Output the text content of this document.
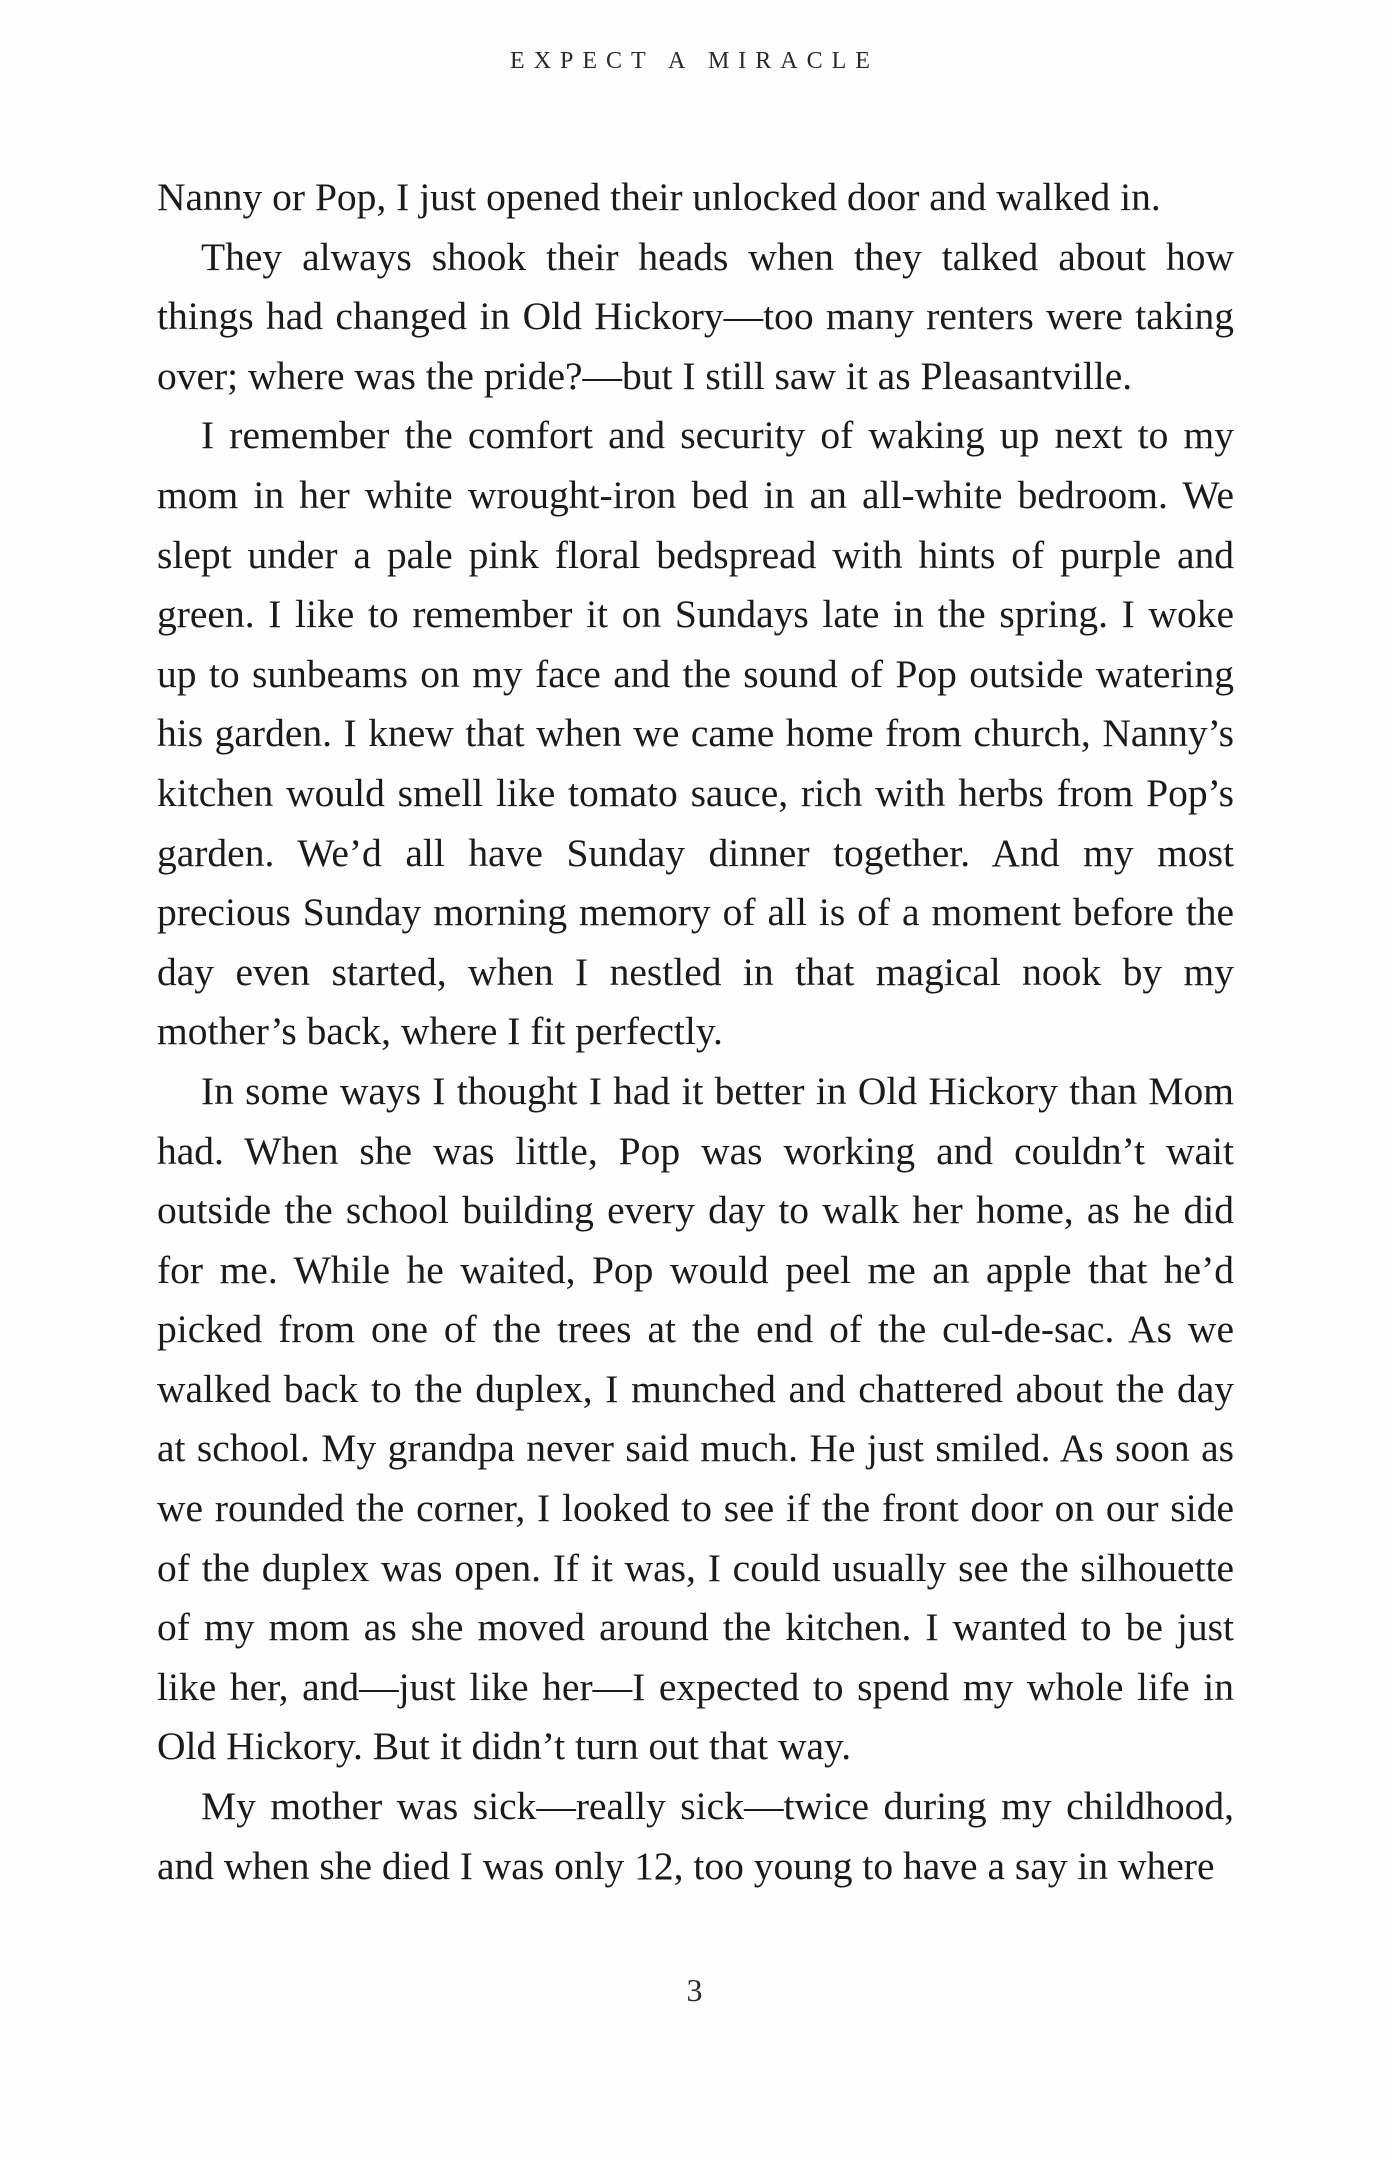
EXPECT A MIRACLE

Nanny or Pop, I just opened their unlocked door and walked in.

They always shook their heads when they talked about how things had changed in Old Hickory—too many renters were taking over; where was the pride?—but I still saw it as Pleasantville.

I remember the comfort and security of waking up next to my mom in her white wrought-iron bed in an all-white bedroom. We slept under a pale pink floral bedspread with hints of purple and green. I like to remember it on Sundays late in the spring. I woke up to sunbeams on my face and the sound of Pop outside watering his garden. I knew that when we came home from church, Nanny’s kitchen would smell like tomato sauce, rich with herbs from Pop’s garden. We’d all have Sunday dinner together. And my most precious Sunday morning memory of all is of a moment before the day even started, when I nestled in that magical nook by my mother’s back, where I fit perfectly.

In some ways I thought I had it better in Old Hickory than Mom had. When she was little, Pop was working and couldn’t wait outside the school building every day to walk her home, as he did for me. While he waited, Pop would peel me an apple that he’d picked from one of the trees at the end of the cul-de-sac. As we walked back to the duplex, I munched and chattered about the day at school. My grandpa never said much. He just smiled. As soon as we rounded the corner, I looked to see if the front door on our side of the duplex was open. If it was, I could usually see the silhouette of my mom as she moved around the kitchen. I wanted to be just like her, and—just like her—I expected to spend my whole life in Old Hickory. But it didn’t turn out that way.

My mother was sick—really sick—twice during my childhood, and when she died I was only 12, too young to have a say in where

3
